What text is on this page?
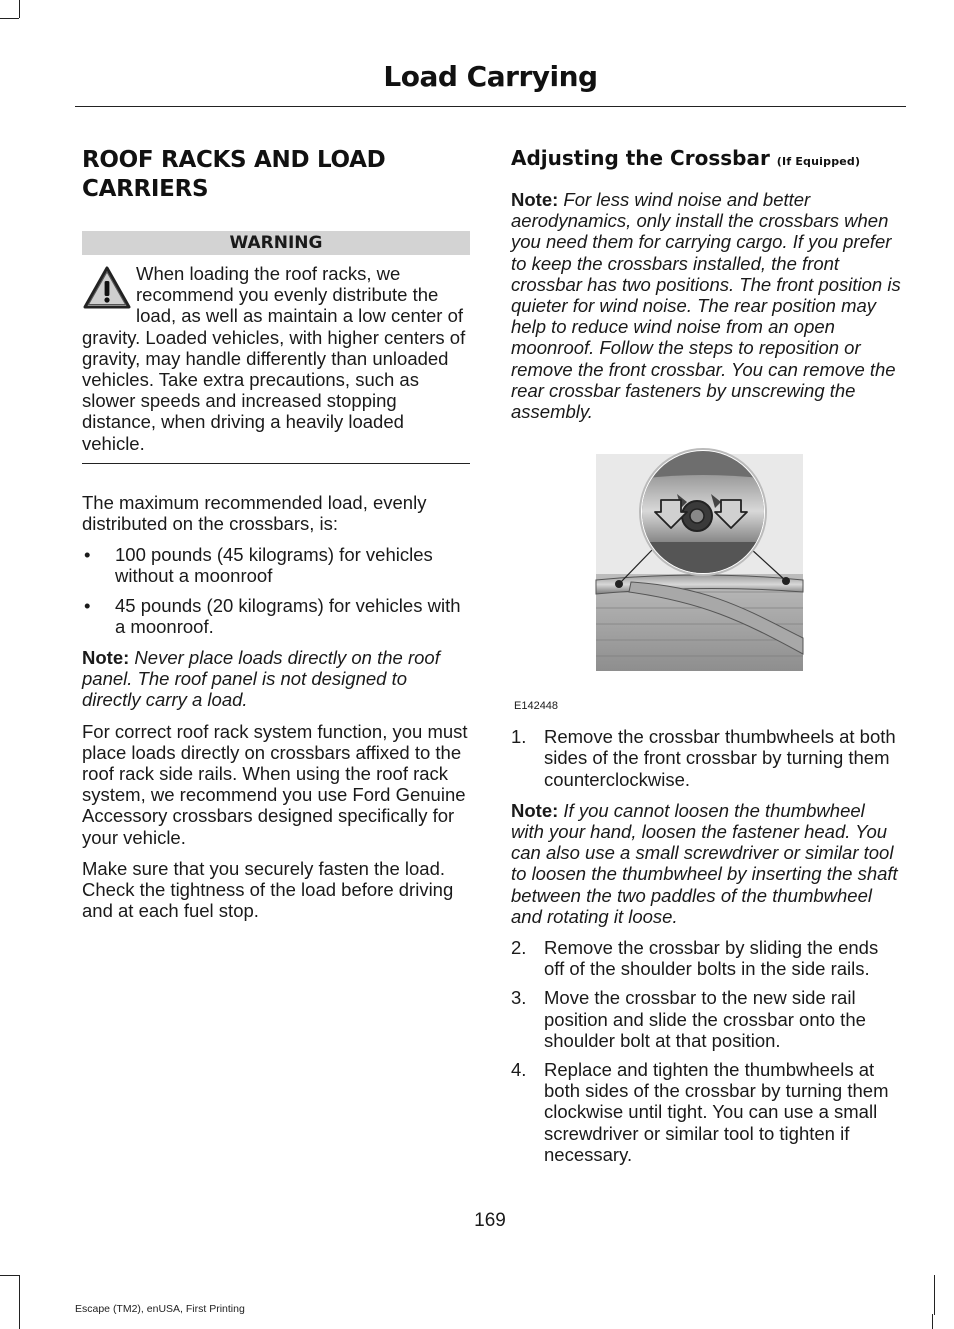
Load Carrying
ROOF RACKS AND LOAD CARRIERS
WARNING
When loading the roof racks, we recommend you evenly distribute the load, as well as maintain a low center of gravity. Loaded vehicles, with higher centers of gravity, may handle differently than unloaded vehicles. Take extra precautions, such as slower speeds and increased stopping distance, when driving a heavily loaded vehicle.

The maximum recommended load, evenly distributed on the crossbars, is:

• 100 pounds (45 kilograms) for vehicles without a moonroof
• 45 pounds (20 kilograms) for vehicles with a moonroof.

Note: Never place loads directly on the roof panel. The roof panel is not designed to directly carry a load.

For correct roof rack system function, you must place loads directly on crossbars affixed to the roof rack side rails. When using the roof rack system, we recommend you use Ford Genuine Accessory crossbars designed specifically for your vehicle.

Make sure that you securely fasten the load. Check the tightness of the load before driving and at each fuel stop.

Adjusting the Crossbar (If Equipped)

Note: For less wind noise and better aerodynamics, only install the crossbars when you need them for carrying cargo. If you prefer to keep the crossbars installed, the front crossbar has two positions. The front position is quieter for wind noise. The rear position may help to reduce wind noise from an open moonroof. Follow the steps to reposition or remove the front crossbar. You can remove the rear crossbar fasteners by unscrewing the assembly.

E142448
1. Remove the crossbar thumbwheels at both sides of the front crossbar by turning them counterclockwise.

Note: If you cannot loosen the thumbwheel with your hand, loosen the fastener head. You can also use a small screwdriver or similar tool to loosen the thumbwheel by inserting the shaft between the two paddles of the thumbwheel and rotating it loose.

2. Remove the crossbar by sliding the ends off of the shoulder bolts in the side rails.
3. Move the crossbar to the new side rail position and slide the crossbar onto the shoulder bolt at that position.
4. Replace and tighten the thumbwheels at both sides of the crossbar by turning them clockwise until tight. You can use a small screwdriver or similar tool to tighten if necessary.
169
Escape (TM2), enUSA, First Printing
